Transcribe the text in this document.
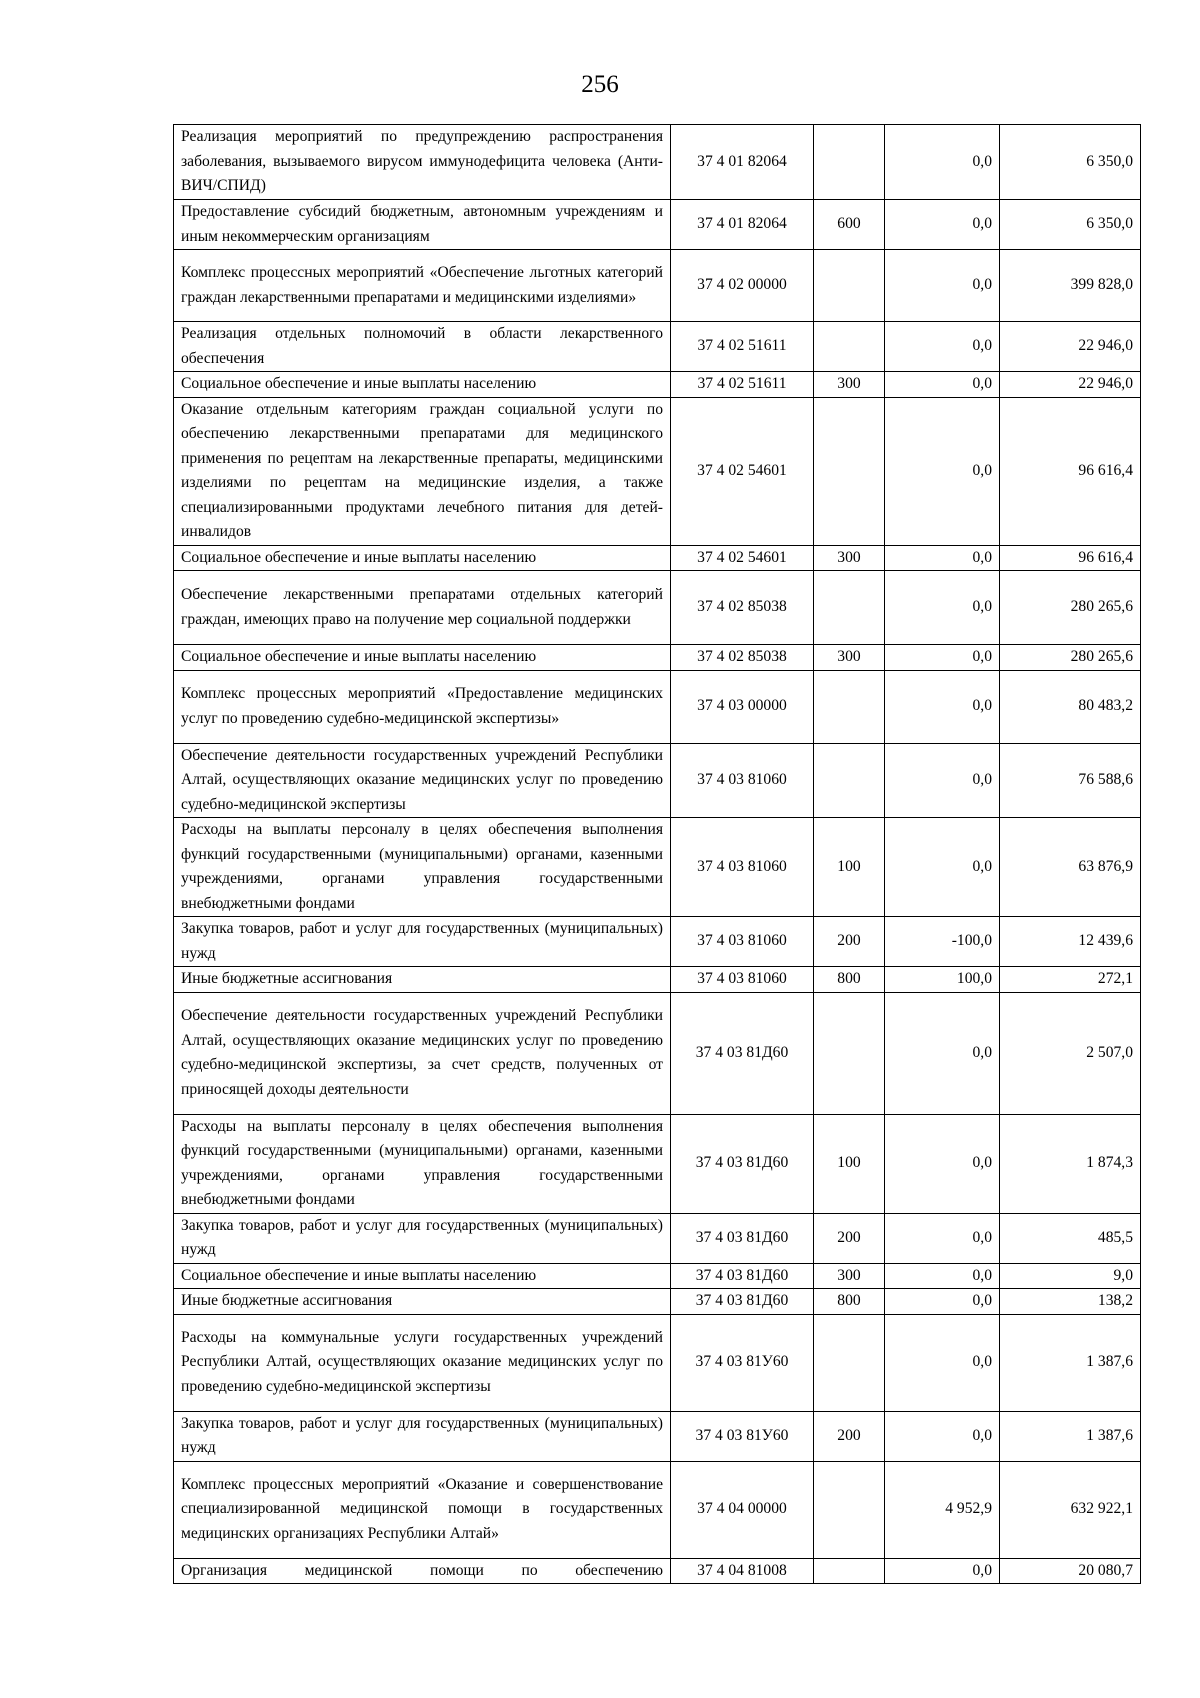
256
Реализация мероприятий по предупреждению распространения заболевания, вызываемого вирусом иммунодефицита человека (Анти-ВИЧ/СПИД)	37 4 01 82064		0,0	6 350,0
Предоставление субсидий бюджетным, автономным учреждениям и иным некоммерческим организациям	37 4 01 82064	600	0,0	6 350,0
Комплекс процессных мероприятий «Обеспечение льготных категорий граждан лекарственными препаратами и медицинскими изделиями»	37 4 02 00000		0,0	399 828,0
Реализация отдельных полномочий в области лекарственного обеспечения	37 4 02 51611		0,0	22 946,0
Социальное обеспечение и иные выплаты населению	37 4 02 51611	300	0,0	22 946,0
Оказание отдельным категориям граждан социальной услуги по обеспечению лекарственными препаратами для медицинского применения по рецептам на лекарственные препараты, медицинскими изделиями по рецептам на медицинские изделия, а также специализированными продуктами лечебного питания для детей-инвалидов	37 4 02 54601		0,0	96 616,4
Социальное обеспечение и иные выплаты населению	37 4 02 54601	300	0,0	96 616,4
Обеспечение лекарственными препаратами отдельных категорий граждан, имеющих право на получение мер социальной поддержки	37 4 02 85038		0,0	280 265,6
Социальное обеспечение и иные выплаты населению	37 4 02 85038	300	0,0	280 265,6
Комплекс процессных мероприятий «Предоставление медицинских услуг по проведению судебно-медицинской экспертизы»	37 4 03 00000		0,0	80 483,2
Обеспечение деятельности государственных учреждений Республики Алтай, осуществляющих оказание медицинских услуг по проведению судебно-медицинской экспертизы	37 4 03 81060		0,0	76 588,6
Расходы на выплаты персоналу в целях обеспечения выполнения функций государственными (муниципальными) органами, казенными учреждениями, органами управления государственными внебюджетными фондами	37 4 03 81060	100	0,0	63 876,9
Закупка товаров, работ и услуг для государственных (муниципальных) нужд	37 4 03 81060	200	-100,0	12 439,6
Иные бюджетные ассигнования	37 4 03 81060	800	100,0	272,1
Обеспечение деятельности государственных учреждений Республики Алтай, осуществляющих оказание медицинских услуг по проведению судебно-медицинской экспертизы, за счет средств, полученных от приносящей доходы деятельности	37 4 03 81Д60		0,0	2 507,0
Расходы на выплаты персоналу в целях обеспечения выполнения функций государственными (муниципальными) органами, казенными учреждениями, органами управления государственными внебюджетными фондами	37 4 03 81Д60	100	0,0	1 874,3
Закупка товаров, работ и услуг для государственных (муниципальных) нужд	37 4 03 81Д60	200	0,0	485,5
Социальное обеспечение и иные выплаты населению	37 4 03 81Д60	300	0,0	9,0
Иные бюджетные ассигнования	37 4 03 81Д60	800	0,0	138,2
Расходы на коммунальные услуги государственных учреждений Республики Алтай, осуществляющих оказание медицинских услуг по проведению судебно-медицинской экспертизы	37 4 03 81У60		0,0	1 387,6
Закупка товаров, работ и услуг для государственных (муниципальных) нужд	37 4 03 81У60	200	0,0	1 387,6
Комплекс процессных мероприятий «Оказание и совершенствование специализированной медицинской помощи в государственных медицинских организациях Республики Алтай»	37 4 04 00000		4 952,9	632 922,1
Организация медицинской помощи по обеспечению	37 4 04 81008		0,0	20 080,7
